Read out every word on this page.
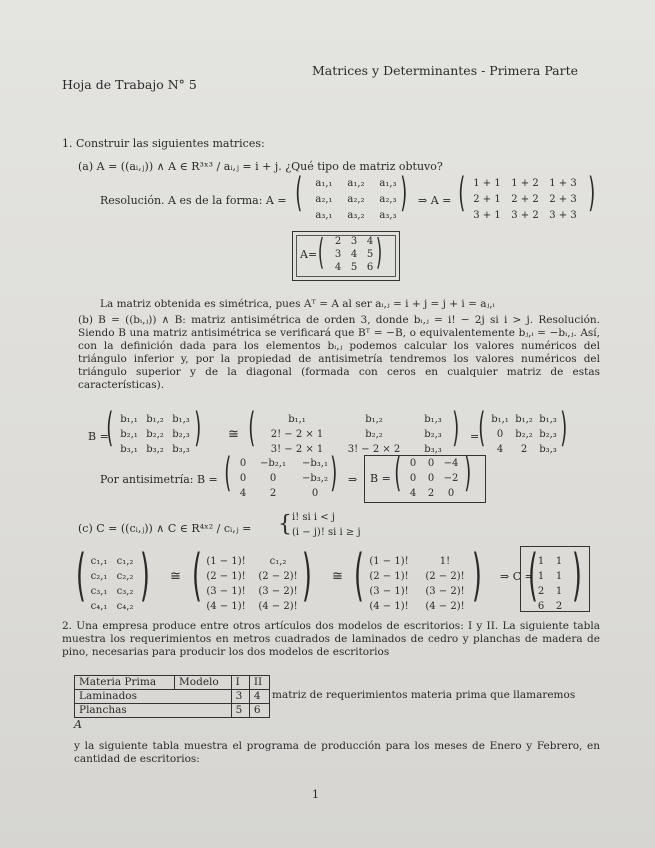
Hoja de Trabajo N° 5
Matrices y Determinantes - Primera Parte
1. Construir las siguientes matrices:
(a) A = ((aᵢ,ⱼ)) ∧ A ∈ R³ˣ³ / aᵢ,ⱼ = i + j. ¿Qué tipo de matriz obtuvo?
Resolución. A es de la forma: A = (	a₁,₁	a₁,₂	a₁,₃
a₂,₁	a₂,₂	a₂,₃
a₃,₁	a₃,₂	a₃,₃ ) ⇒ A = ( 1 + 1	1 + 2	1 + 3
2 + 1	2 + 2	2 + 3
3 + 1	3 + 2	3 + 3 )
A= (	2 3 4
3 4 5
4 5 6 )
La matriz obtenida es simétrica, pues Aᵀ = A al ser aᵢ,ⱼ = i + j = j + i = aⱼ,ᵢ
(b) B = ((bᵢ,ⱼ)) ∧ B: matriz antisimétrica de orden 3, donde bᵢ,ⱼ = i! − 2j si i > j. Resolución. Siendo B una matriz antisimétrica se verificará que Bᵀ = −B, o equivalentemente bⱼ,ᵢ = −bᵢ,ⱼ. Así, con la definición dada para los elementos bᵢ,ⱼ podemos calcular los valores numéricos del triángulo inferior y, por la propiedad de antisimetría tendremos los valores numéricos del triángulo superior y de la diagonal (formada con ceros en cualquier matriz de estas características).
B =
( b₁,₁ b₁,₂ b₁,₃
b₂,₁ b₂,₂ b₂,₃
b₃,₁ b₃,₂ b₃,₃ ) ≅ (	b₁,₁	b₁,₂	b₁,₃
2! − 2 × 1	b₂,₂	b₂,₃
3! − 2 × 1	3! − 2 × 2	b₃,₃ ) = ( b₁,₁ b₁,₂ b₁,₃
0	b₂,₂ b₂,₃
4	2	b₃,₃ )
Por antisimetría: B = ( 0	−b₂,₁	−b₃,₁
0	0	−b₃,₂
4	2	0 ) ⇒ B = ( 0	0 −4
0	0 −2
4	2	0 )
(c) C = ((cᵢ,ⱼ)) ∧ C ∈ R⁴ˣ² / cᵢ,ⱼ = { i! si i < j
(i − j)! si i ≥ j
( c₁,₁ c₁,₂
c₂,₁ c₂,₂
c₃,₁ c₃,₂
c₄,₁ c₄,₂ ) ≅ ( (1 − 1)!	c₁,₂
(2 − 1)!	(2 − 2)!
(3 − 1)!	(3 − 2)!
(4 − 1)!	(4 − 2)! ) ≅ ( (1 − 1)!	1!
(2 − 1)!	(2 − 2)!
(3 − 1)!	(3 − 2)!
(4 − 1)!	(4 − 2)! ) ⇒ C =
( 1	1
1	1
2	1
6	2 )
2. Una empresa produce entre otros artículos dos modelos de escritorios: I y II. La siguiente tabla muestra los requerimientos en metros cuadrados de laminados de cedro y planchas de madera de pino, necesarias para producir los dos modelos de escritorios
Materia Prima	Modelo	I	II
Laminados		3	4
Planchas		5	6
matriz de requerimientos materia prima que llamaremos
A
y la siguiente tabla muestra el programa de producción para los meses de Enero y Febrero, en cantidad de escritorios:
1
